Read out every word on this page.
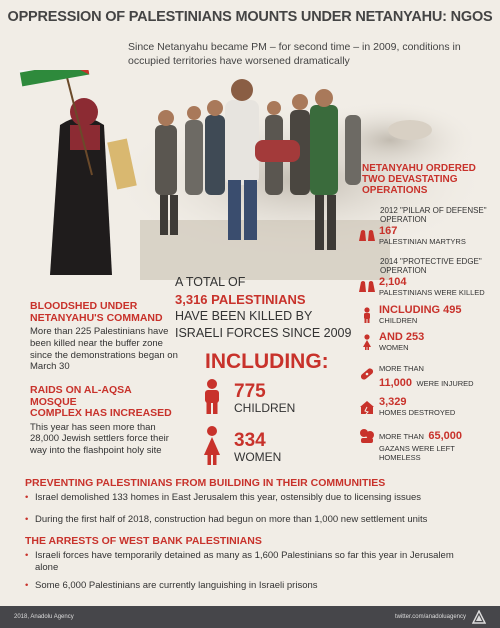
OPPRESSION OF PALESTINIANS MOUNTS UNDER NETANYAHU: NGOS
Since Netanyahu became PM – for second time – in 2009, conditions in occupied territories have worsened dramatically
NETANYAHU ORDERED
TWO DEVASTATING
OPERATIONS
2012 "PILLAR OF DEFENSE"
OPERATION
167
PALESTINIAN MARTYRS
2014 "PROTECTIVE EDGE"
OPERATION
2,104
PALESTINIANS WERE KILLED
INCLUDING 495
CHILDREN
AND 253
WOMEN
MORE THAN
11,000 WERE INJURED
3,329
HOMES DESTROYED
MORE THAN 65,000
GAZANS WERE LEFT
HOMELESS
A TOTAL OF
3,316 PALESTINIANS
HAVE BEEN KILLED BY
ISRAELI FORCES SINCE 2009
INCLUDING:
775
CHILDREN
334
WOMEN
BLOODSHED UNDER
NETANYAHU'S COMMAND
More than 225 Palestinians have been killed near the buffer zone since the demonstrations began on March 30
RAIDS ON AL-AQSA MOSQUE
COMPLEX HAS INCREASED
This year has seen more than 28,000 Jewish settlers force their way into the flashpoint holy site
PREVENTING PALESTINIANS FROM BUILDING IN THEIR COMMUNITIES
• Israel demolished 133 homes in East Jerusalem this year, ostensibly due to licensing issues
• During the first half of 2018, construction had begun on more than 1,000 new settlement units
THE ARRESTS OF WEST BANK PALESTINIANS
• Israeli forces have temporarily detained as many as 1,600 Palestinians so far this year in Jerusalem alone
• Some 6,000 Palestinians are currently languishing in Israeli prisons
2018, Anadolu Agency	twitter.com/anadoluagency
